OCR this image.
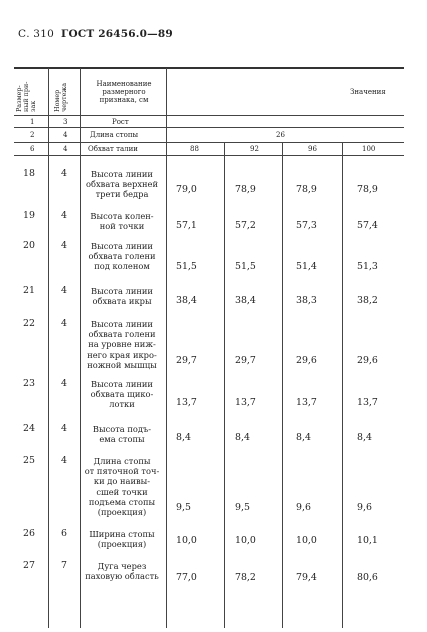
С. 310 ГОСТ 26456.0—89
Размер-ный при-зак	Номер чертежа	Наименование размерного признака, см
Значения
1	3	Рост
2	4	Длина стопы	26
6	4	Обхват талии	88	92	96	100
18	4	Высота линии
обхвата верхней
трети бедра	79,0	78,9	78,9	78,9
19	4	Высота колен-
ной точки	57,1	57,2	57,3	57,4
20	4	Высота линии
обхвата голени
под коленом	51,5	51,5	51,4	51,3
21	4	Высота линии
обхвата икры	38,4	38,4	38,3	38,2
22	4	Высота линии
обхвата голени
на уровне ниж-
него края икро-
ножной мышцы	29,7	29,7	29,6	29,6
23	4	Высота линии
обхвата щико-
лотки	13,7	13,7	13,7	13,7
24	4	Высота подъ-
ема стопы	8,4	8,4	8,4	8,4
25	4	Длина стопы
от пяточной точ-
ки до наивы-
сшей точки
подъема стопы
(проекция)	9,5	9,5	9,6	9,6
26	6	Ширина стопы
(проекция)	10,0	10,0	10,0	10,1
27	7	Дуга через
паховую область	77,0	78,2	79,4	80,6
